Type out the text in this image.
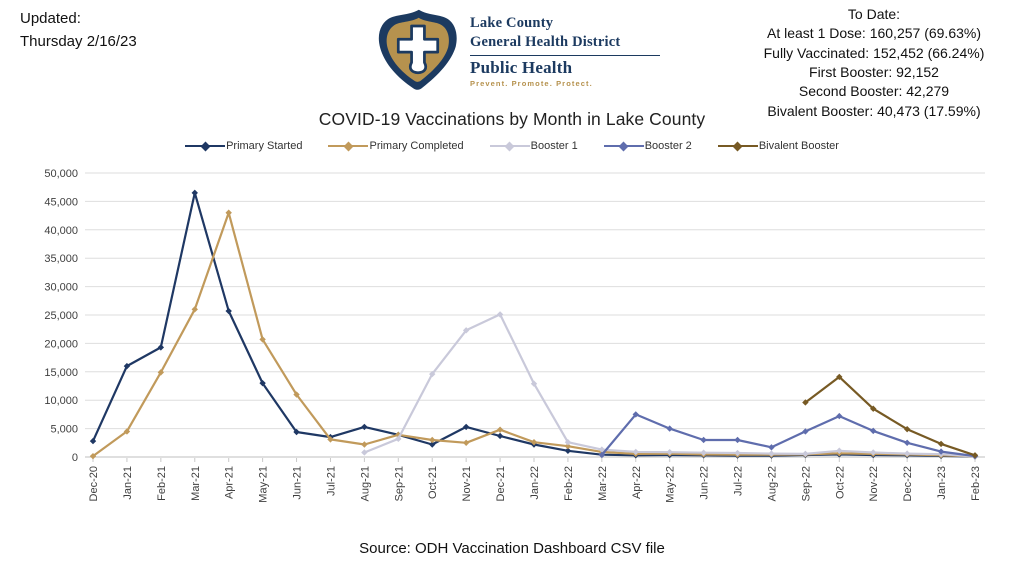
0
5,000
10,000
15,000
20,000
25,000
30,000
35,000
40,000
45,000
50,000
Dec-20 Jan-21 Feb-21 Mar-21 Apr-21 May-21 Jun-21 Jul-21 Aug-21 Sep-21 Oct-21 Nov-21 Dec-21 Jan-22 Feb-22 Mar-22 Apr-22 May-22 Jun-22 Jul-22 Aug-22 Sep-22 Oct-22 Nov-22 Dec-22 Jan-23 Feb-23
Updated:
Thursday 2/16/23
Lake County
General Health District
Public Health
Prevent. Promote. Protect.
To Date:
At least 1 Dose: 160,257 (69.63%)
Fully Vaccinated: 152,452 (66.24%)
First Booster: 92,152
Second Booster: 42,279
Bivalent Booster: 40,473 (17.59%)
COVID-19 Vaccinations by Month in Lake County
Primary Started	Primary Completed	Booster 1	Booster 2	Bivalent Booster
Source: ODH Vaccination Dashboard CSV file
